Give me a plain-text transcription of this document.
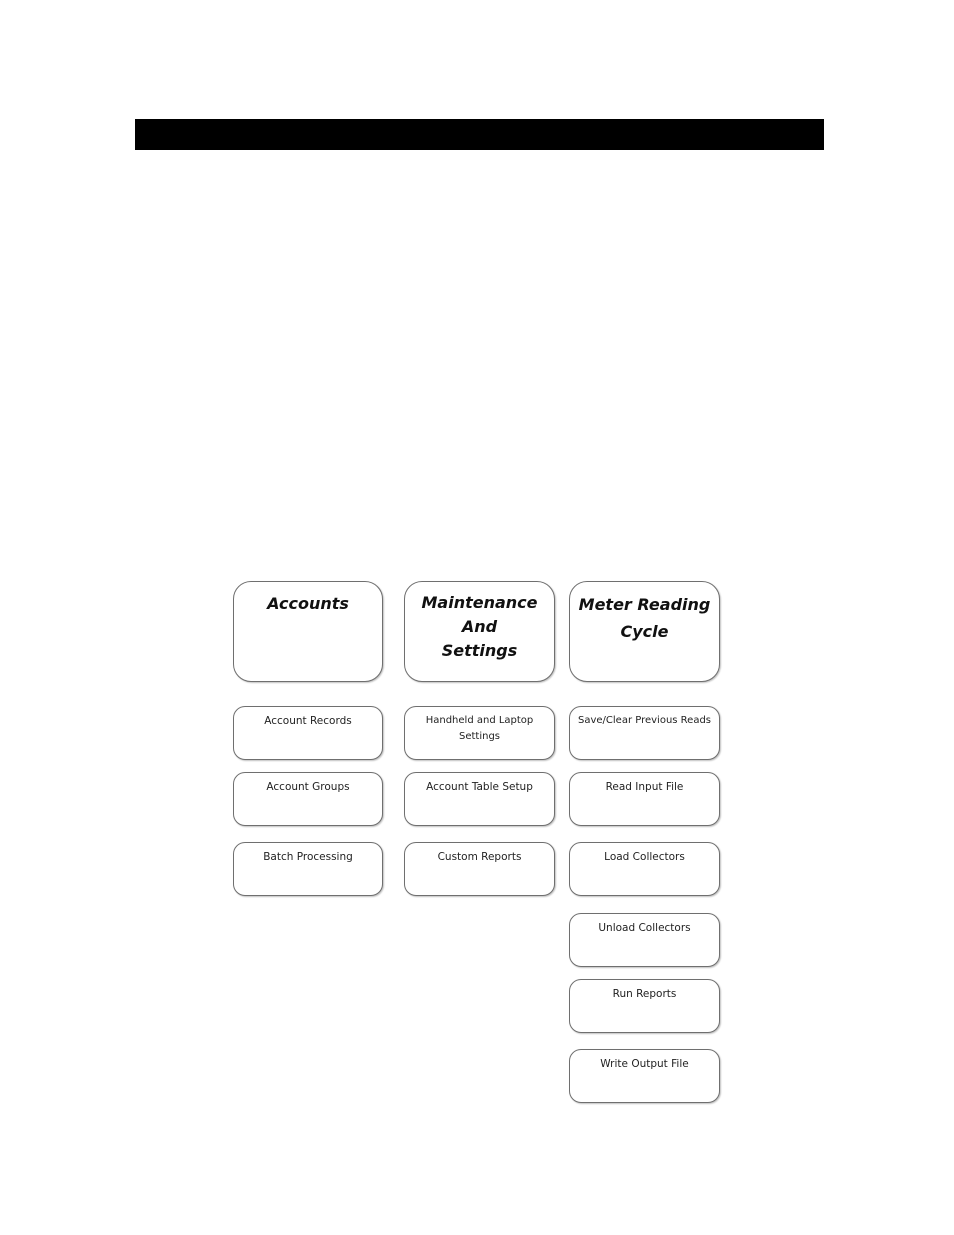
Accounts
Account Records
Account Groups
Batch Processing
Maintenance
And
Settings
Handheld and Laptop
Settings
Account Table Setup
Custom Reports
Meter Reading
Cycle
Save/Clear Previous Reads
Read Input File
Load Collectors
Unload Collectors
Run Reports
Write Output File
